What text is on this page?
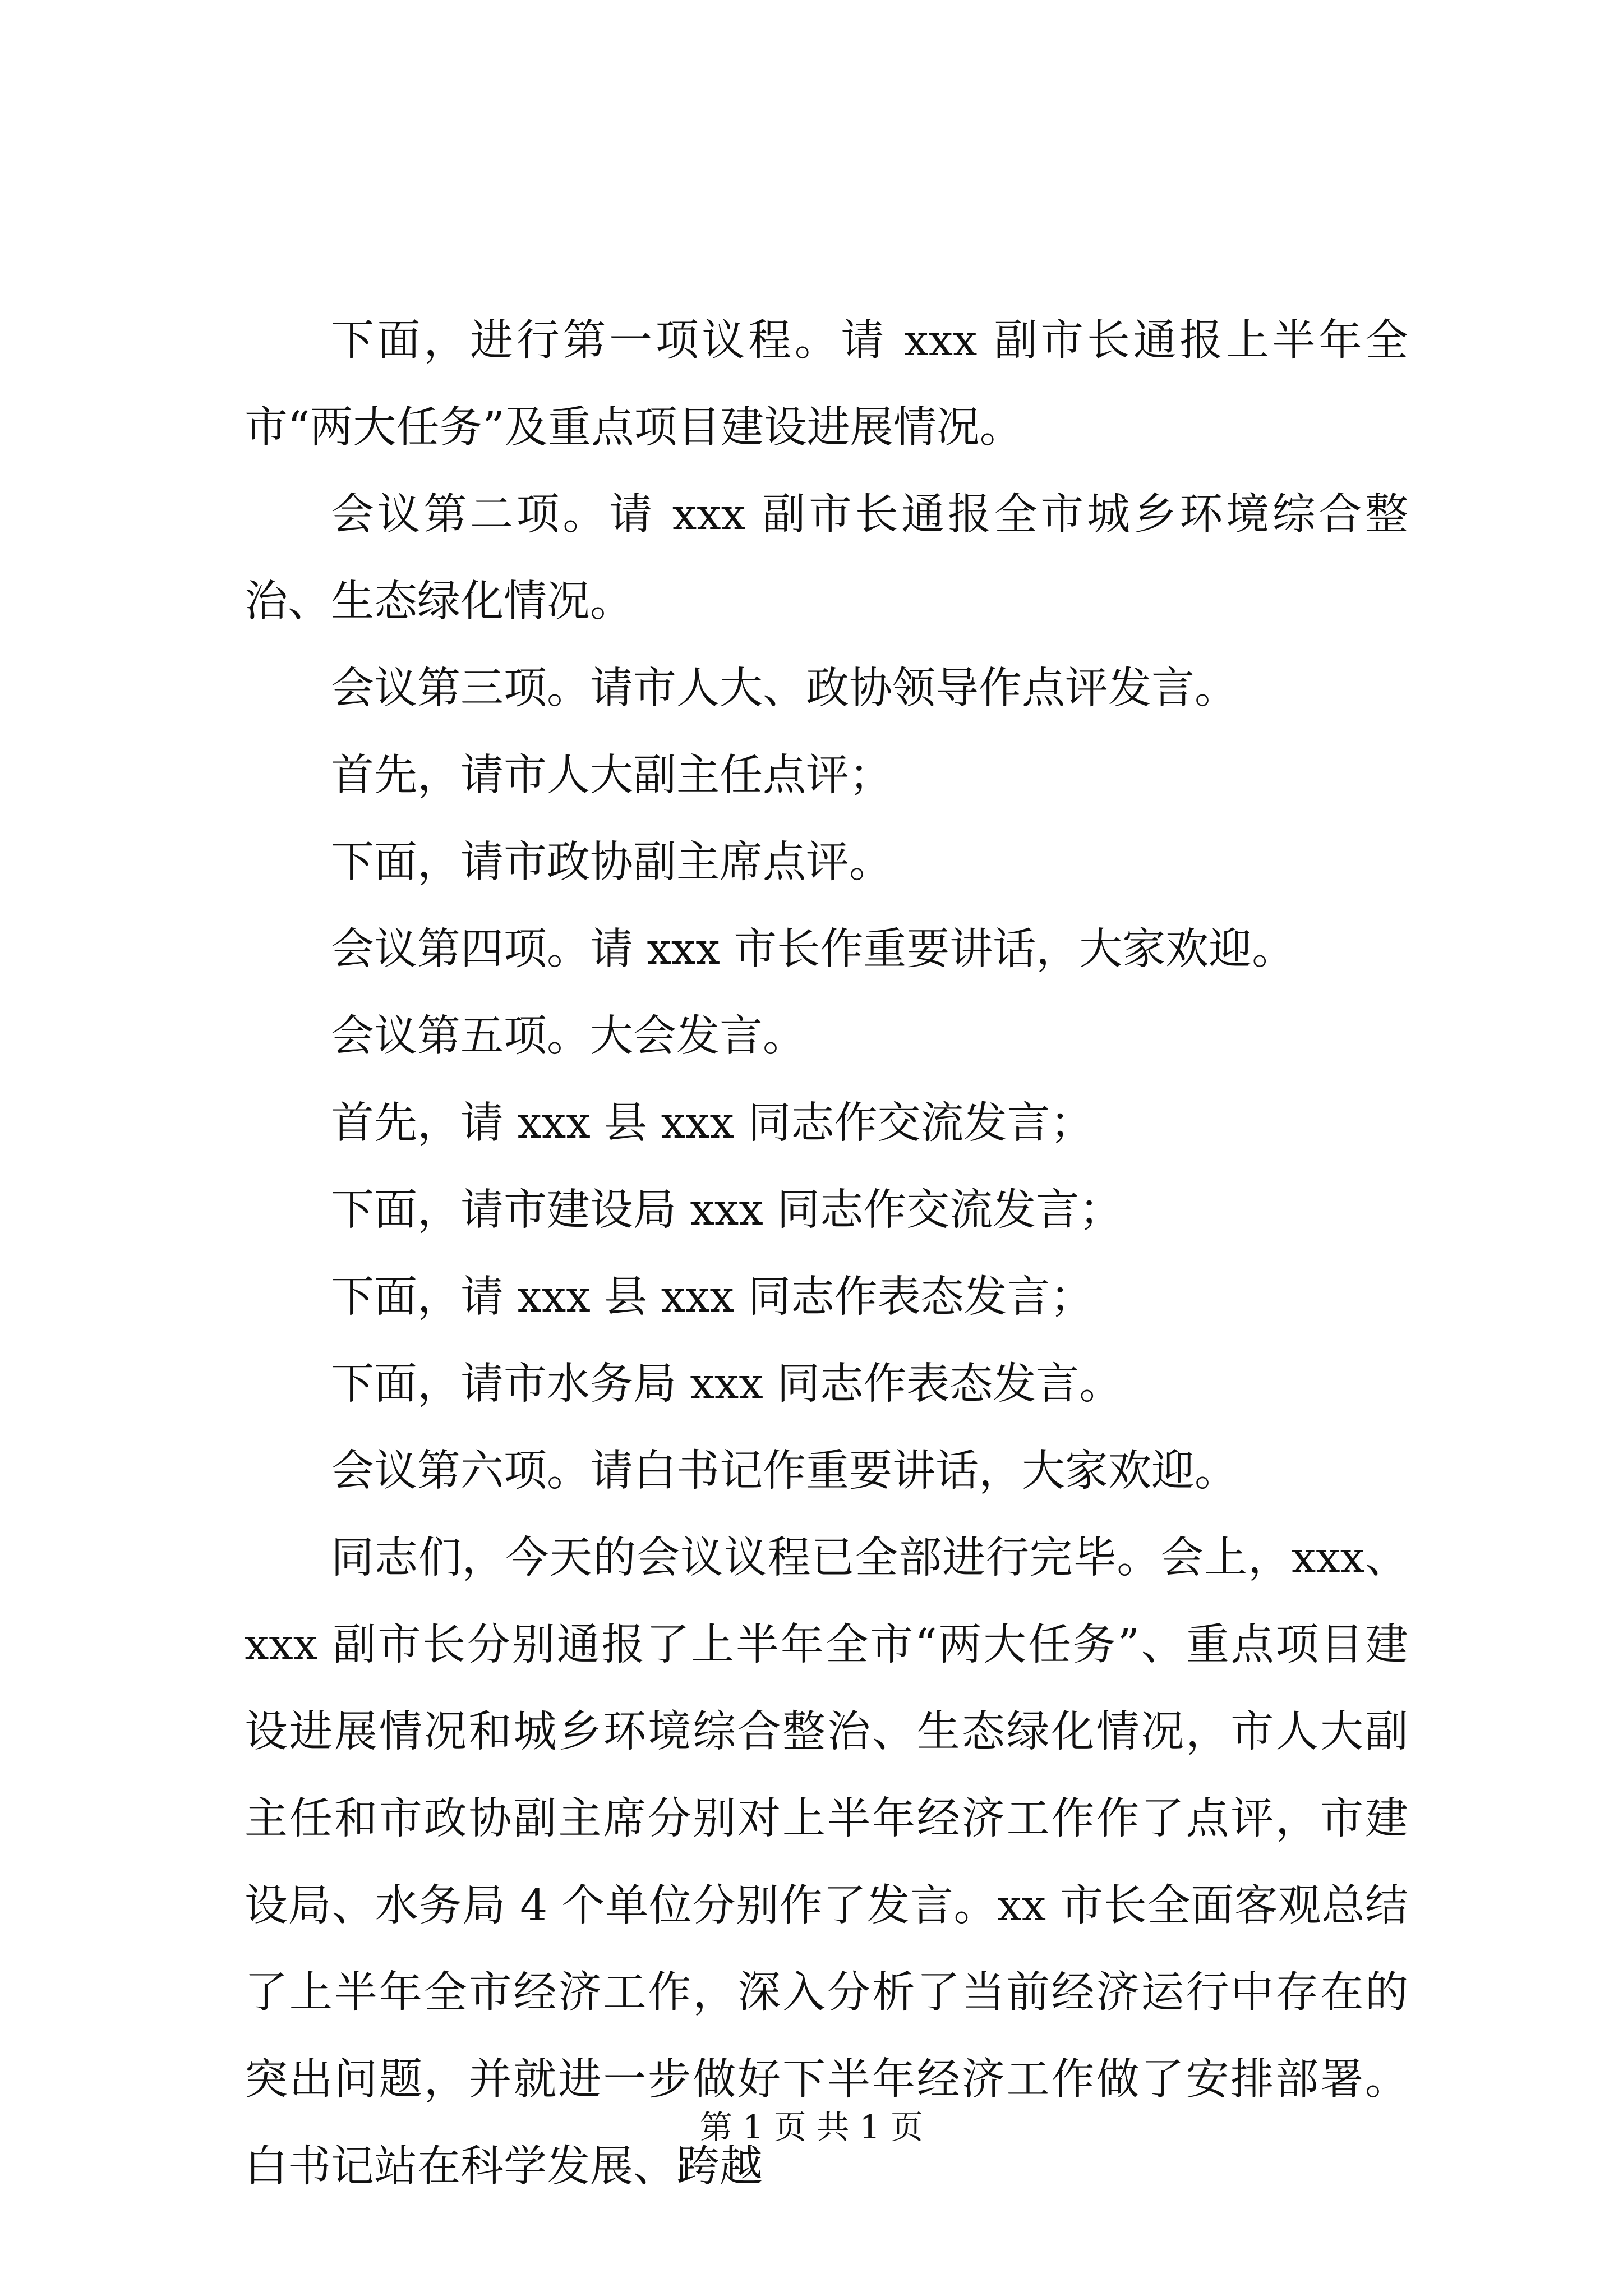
下面，进行第一项议程。请 xxx 副市长通报上半年全市“两大任务”及重点项目建设进展情况。

会议第二项。请 xxx 副市长通报全市城乡环境综合整治、生态绿化情况。

会议第三项。请市人大、政协领导作点评发言。

首先，请市人大副主任点评；

下面，请市政协副主席点评。

会议第四项。请 xxx 市长作重要讲话，大家欢迎。

会议第五项。大会发言。

首先，请 xxx 县 xxx 同志作交流发言；

下面，请市建设局 xxx 同志作交流发言；

下面，请 xxx 县 xxx 同志作表态发言；

下面，请市水务局 xxx 同志作表态发言。

会议第六项。请白书记作重要讲话，大家欢迎。

同志们，今天的会议议程已全部进行完毕。会上，xxx、xxx 副市长分别通报了上半年全市“两大任务”、重点项目建设进展情况和城乡环境综合整治、生态绿化情况，市人大副主任和市政协副主席分别对上半年经济工作作了点评，市建设局、水务局 4 个单位分别作了发言。xx 市长全面客观总结了上半年全市经济工作，深入分析了当前经济运行中存在的突出问题，并就进一步做好下半年经济工作做了安排部署。白书记站在科学发展、跨越

第 1 页 共 1 页
